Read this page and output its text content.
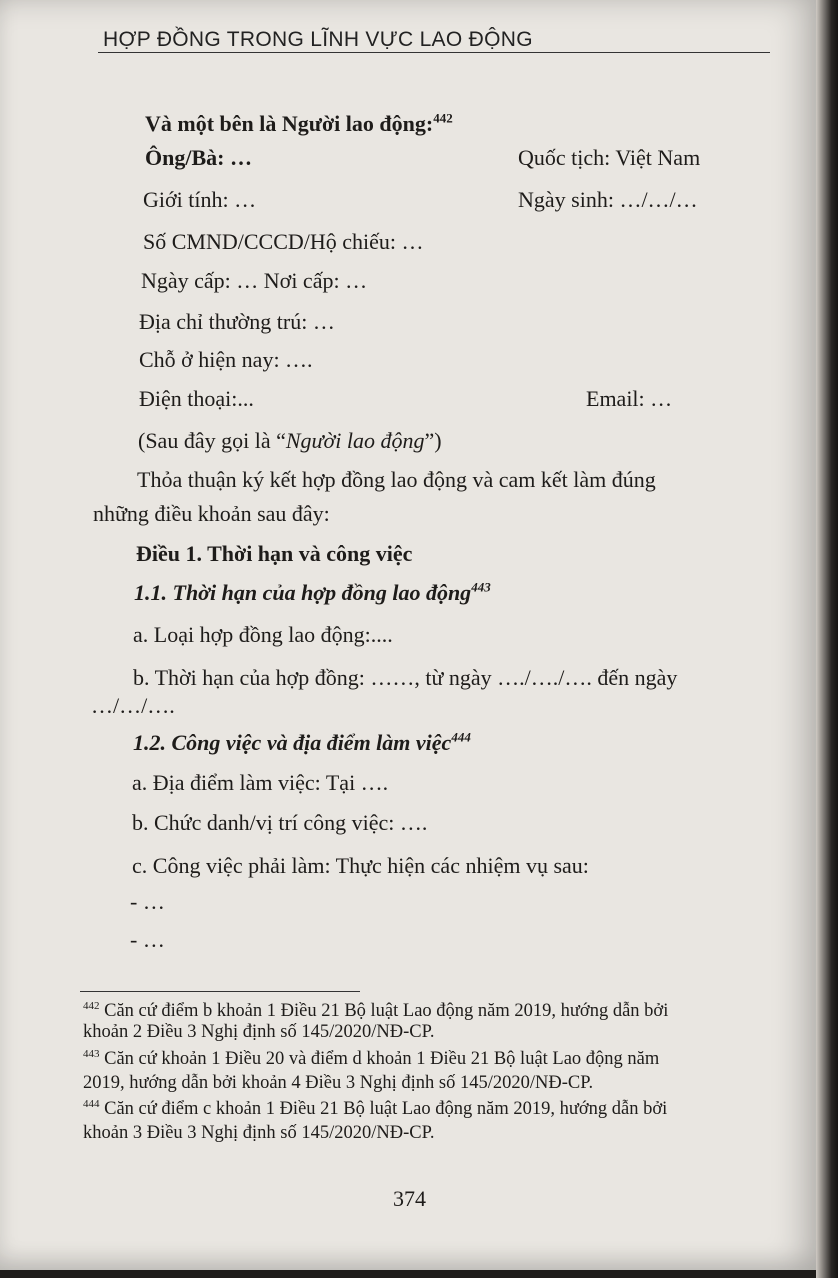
HỢP ĐỒNG TRONG LĨNH VỰC LAO ĐỘNG
Và một bên là Người lao động:$^{442}$
Ông/Bà: …	Quốc tịch: Việt Nam
Giới tính: …	Ngày sinh: …/…/…
Số CMND/CCCD/Hộ chiếu: …
Ngày cấp: … Nơi cấp: …
Địa chỉ thường trú: …
Chỗ ở hiện nay: ….
Điện thoại:...	Email: …
(Sau đây gọi là “Người lao động”)
Thỏa thuận ký kết hợp đồng lao động và cam kết làm đúng
những điều khoản sau đây:
Điều 1. Thời hạn và công việc
1.1. Thời hạn của hợp đồng lao động$^{443}$
a. Loại hợp đồng lao động:....
b. Thời hạn của hợp đồng: ……, từ ngày …./…./…. đến ngày
…/…/….
1.2. Công việc và địa điểm làm việc$^{444}$
a. Địa điểm làm việc: Tại ….
b. Chức danh/vị trí công việc: ….
c. Công việc phải làm: Thực hiện các nhiệm vụ sau:
- …
- …
$^{442}$ Căn cứ điểm b khoản 1 Điều 21 Bộ luật Lao động năm 2019, hướng dẫn bởi
khoản 2 Điều 3 Nghị định số 145/2020/NĐ-CP.
$^{443}$ Căn cứ khoản 1 Điều 20 và điểm d khoản 1 Điều 21 Bộ luật Lao động năm
2019, hướng dẫn bởi khoản 4 Điều 3 Nghị định số 145/2020/NĐ-CP.
$^{444}$ Căn cứ điểm c khoản 1 Điều 21 Bộ luật Lao động năm 2019, hướng dẫn bởi
khoản 3 Điều 3 Nghị định số 145/2020/NĐ-CP.
374
